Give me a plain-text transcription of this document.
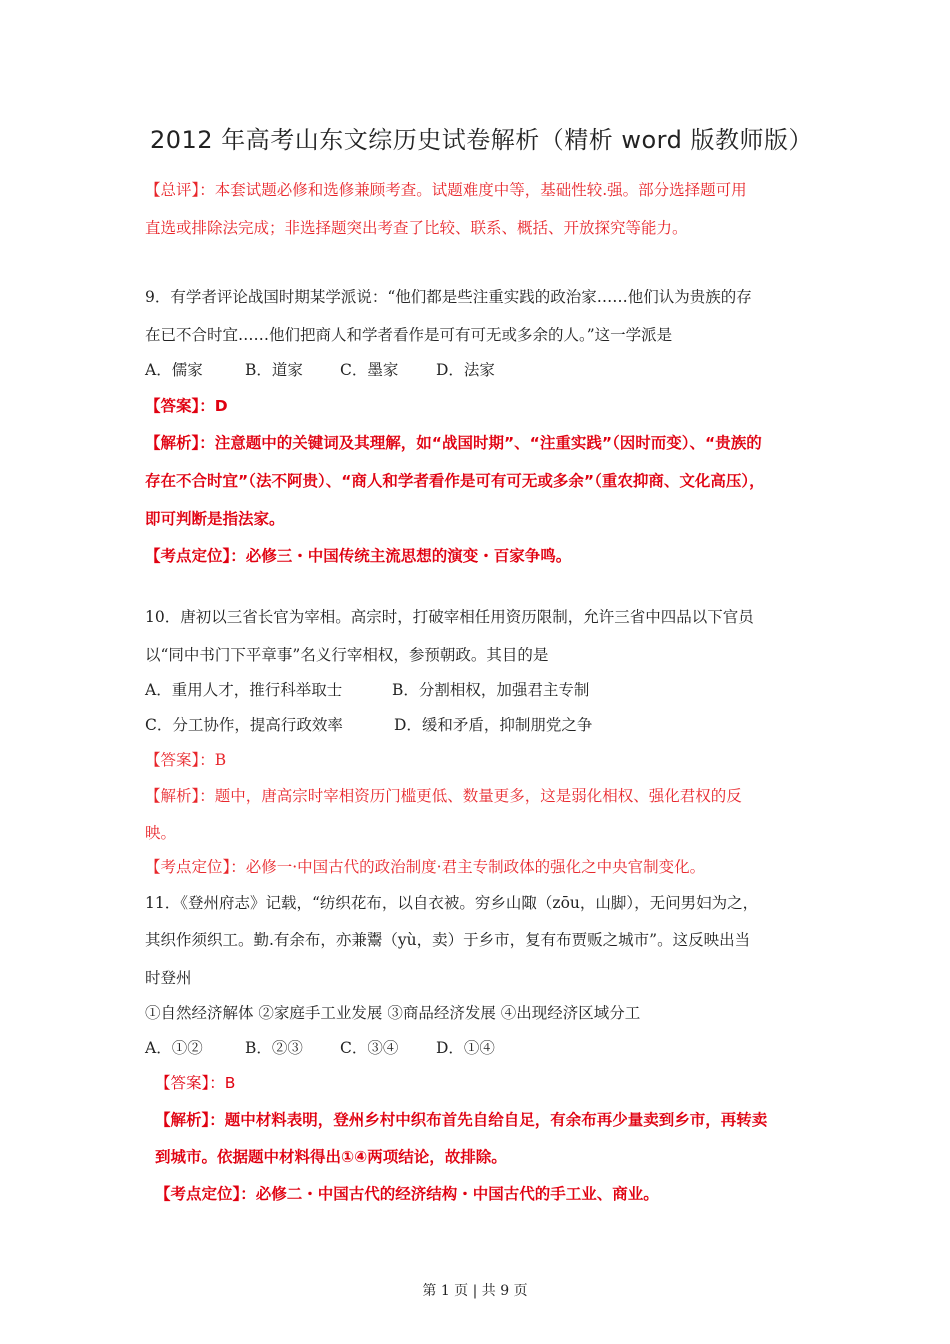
2012 年高考山东文综历史试卷解析（精析 word 版教师版）
【总评】：本套试题必修和选修兼顾考查。试题难度中等，基础性较.强。部分选择题可用
直选或排除法完成；非选择题突出考查了比较、联系、概括、开放探究等能力。
9．有学者评论战国时期某学派说：“他们都是些注重实践的政治家……他们认为贵族的存
在已不合时宜……他们把商人和学者看作是可有可无或多余的人。”这一学派是
A．儒家	B．道家 C．墨家 D．法家
【答案】：D
【解析】：注意题中的关键词及其理解，如“战国时期”、“注重实践”（因时而变）、“贵族的
存在不合时宜”（法不阿贵）、“商人和学者看作是可有可无或多余”（重农抑商、文化高压），
即可判断是指法家。
【考点定位】：必修三・中国传统主流思想的演变・百家争鸣。
10．唐初以三省长官为宰相。高宗时，打破宰相任用资历限制，允许三省中四品以下官员
以“同中书门下平章事”名义行宰相权，参预朝政。其目的是
A．重用人才，推行科举取士	B．分割相权，加强君主专制
C．分工协作，提高行政效率	D．缓和矛盾，抑制朋党之争
【答案】：B
【解析】：题中，唐高宗时宰相资历门槛更低、数量更多，这是弱化相权、强化君权的反
映。
【考点定位】：必修一·中国古代的政治制度·君主专制政体的强化之中央官制变化。
11．《登州府志》记载，“纺织花布，以自衣被。穷乡山陬（zōu，山脚），无问男妇为之，
其织作须织工。勤.有余布，亦兼鬻（yù，卖）于乡市，复有布贾贩之城市”。这反映出当
时登州
①自然经济解体 ②家庭手工业发展 ③商品经济发展 ④出现经济区域分工
A．①②	B．②③ C．③④ D．①④
【答案】：B
【解析】：题中材料表明，登州乡村中织布首先自给自足，有余布再少量卖到乡市，再转卖
到城市。依据题中材料得出①④两项结论，故排除。
【考点定位】：必修二・中国古代的经济结构・中国古代的手工业、商业。
第 1 页 | 共 9 页
